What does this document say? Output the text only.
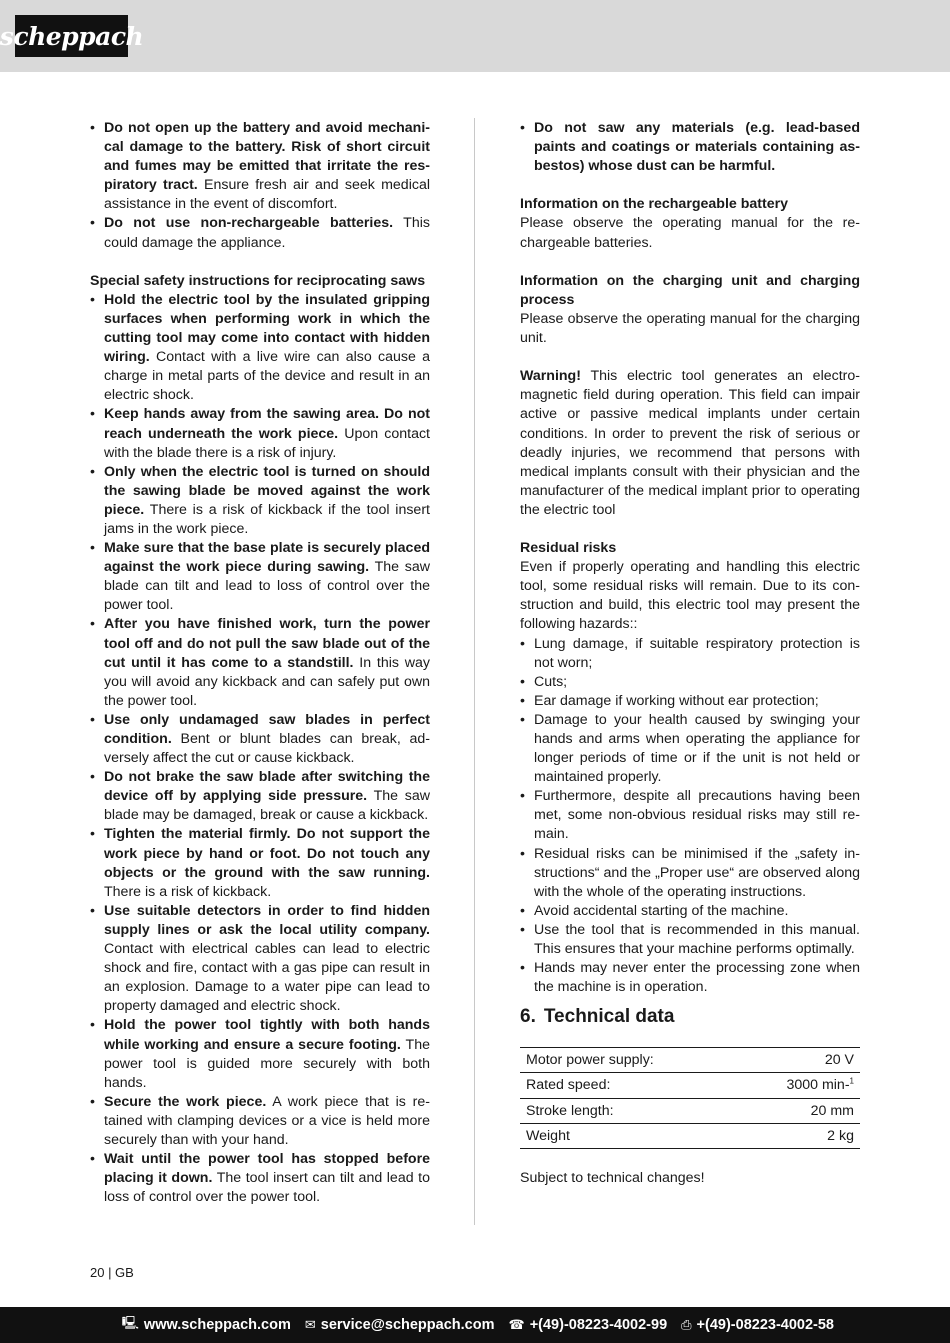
scheppach
• Do not open up the battery and avoid mechanical damage to the battery. Risk of short circuit and fumes may be emitted that irritate the respiratory tract. Ensure fresh air and seek medical assistance in the event of discomfort.
• Do not use non-rechargeable batteries. This could damage the appliance.
Special safety instructions for reciprocating saws
• Hold the electric tool by the insulated gripping surfaces when performing work in which the cutting tool may come into contact with hidden wiring. Contact with a live wire can also cause a charge in metal parts of the device and result in an electric shock.
• Keep hands away from the sawing area. Do not reach underneath the work piece. Upon contact with the blade there is a risk of injury.
• Only when the electric tool is turned on should the sawing blade be moved against the work piece. There is a risk of kickback if the tool insert jams in the work piece.
• Make sure that the base plate is securely placed against the work piece during sawing. The saw blade can tilt and lead to loss of control over the power tool.
• After you have finished work, turn the power tool off and do not pull the saw blade out of the cut until it has come to a standstill. In this way you will avoid any kickback and can safely put own the power tool.
• Use only undamaged saw blades in perfect condition. Bent or blunt blades can break, adversely affect the cut or cause kickback.
• Do not brake the saw blade after switching the device off by applying side pressure. The saw blade may be damaged, break or cause a kickback.
• Tighten the material firmly. Do not support the work piece by hand or foot. Do not touch any objects or the ground with the saw running. There is a risk of kickback.
• Use suitable detectors in order to find hidden supply lines or ask the local utility company. Contact with electrical cables can lead to electric shock and fire, contact with a gas pipe can result in an explosion. Damage to a water pipe can lead to property damaged and electric shock.
• Hold the power tool tightly with both hands while working and ensure a secure footing. The power tool is guided more securely with both hands.
• Secure the work piece. A work piece that is retained with clamping devices or a vice is held more securely than with your hand.
• Wait until the power tool has stopped before placing it down. The tool insert can tilt and lead to loss of control over the power tool.
• Do not saw any materials (e.g. lead-based paints and coatings or materials containing asbestos) whose dust can be harmful.
Information on the rechargeable battery

Please observe the operating manual for the rechargeable batteries.

Information on the charging unit and charging process

Please observe the operating manual for the charging unit.

Warning! This electric tool generates an electromagnetic field during operation. This field can impair active or passive medical implants under certain conditions. In order to prevent the risk of serious or deadly injuries, we recommend that persons with medical implants consult with their physician and the manufacturer of the medical implant prior to operating the electric tool

Residual risks

Even if properly operating and handling this electric tool, some residual risks will remain. Due to its construction and build, this electric tool may present the following hazards::

• Lung damage, if suitable respiratory protection is not worn;
• Cuts;
• Ear damage if working without ear protection;
• Damage to your health caused by swinging your hands and arms when operating the appliance for longer periods of time or if the unit is not held or maintained properly.
• Furthermore, despite all precautions having been met, some non-obvious residual risks may still remain.
• Residual risks can be minimised if the „safety instructions“ and the „Proper use“ are observed along with the whole of the operating instructions.
• Avoid accidental starting of the machine.
• Use the tool that is recommended in this manual. This ensures that your machine performs optimally.
• Hands may never enter the processing zone when the machine is in operation.
6. Technical data
Motor power supply:	20 V
Rated speed:	3000 min-$^1$
Stroke length:	20 mm
Weight	2 kg

Subject to technical changes!

20 | GB
🖳 www.scheppach.com ✉ service@scheppach.com ☎ +(49)-08223-4002-99 ⎙ +(49)-08223-4002-58
